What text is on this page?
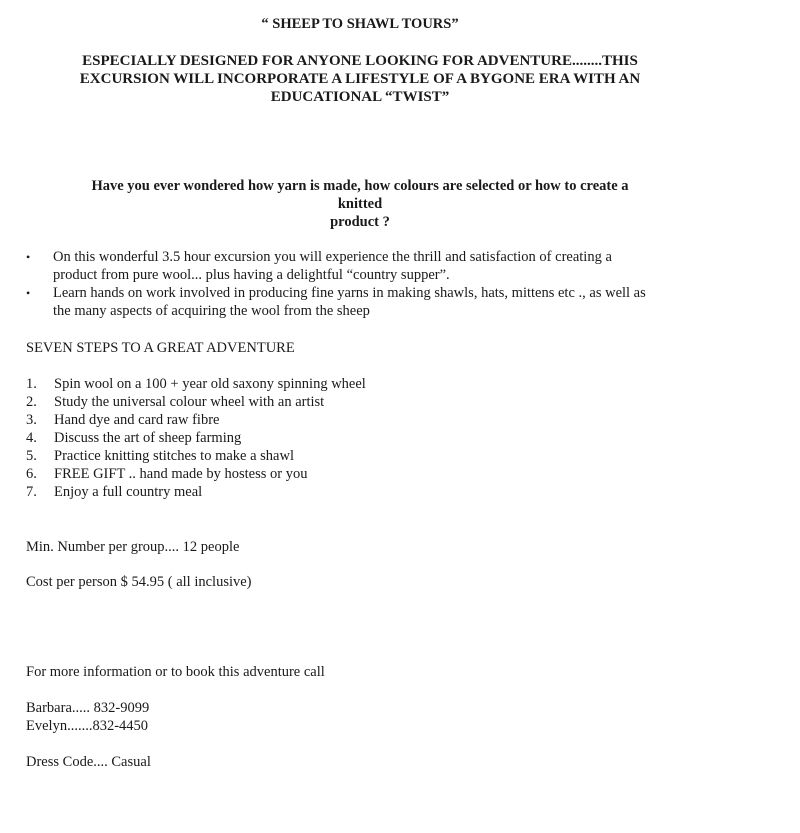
“ SHEEP TO SHAWL TOURS”
ESPECIALLY DESIGNED FOR ANYONE LOOKING FOR ADVENTURE........THIS
EXCURSION WILL INCORPORATE A LIFESTYLE OF A BYGONE ERA WITH AN
EDUCATIONAL “TWIST”
Have you ever wondered how yarn is made, how colours are selected or how to create a knitted
product ?
• On this wonderful 3.5 hour excursion you will experience the thrill and satisfaction of creating a
product from pure wool... plus having a delightful “country supper”.
• Learn hands on work involved in producing fine yarns in making shawls, hats, mittens etc ., as well as
the many aspects of acquiring the wool from the sheep
SEVEN STEPS TO A GREAT ADVENTURE
1. Spin wool on a 100 + year old saxony spinning wheel
2. Study the universal colour wheel with an artist
3. Hand dye and card raw fibre
4. Discuss the art of sheep farming
5. Practice knitting stitches to make a shawl
6. FREE GIFT .. hand made by hostess or you
7. Enjoy a full country meal
Min. Number per group.... 12 people
Cost per person $ 54.95 ( all inclusive)
For more information or to book this adventure call
Barbara..... 832-9099
Evelyn.......832-4450
Dress Code.... Casual
